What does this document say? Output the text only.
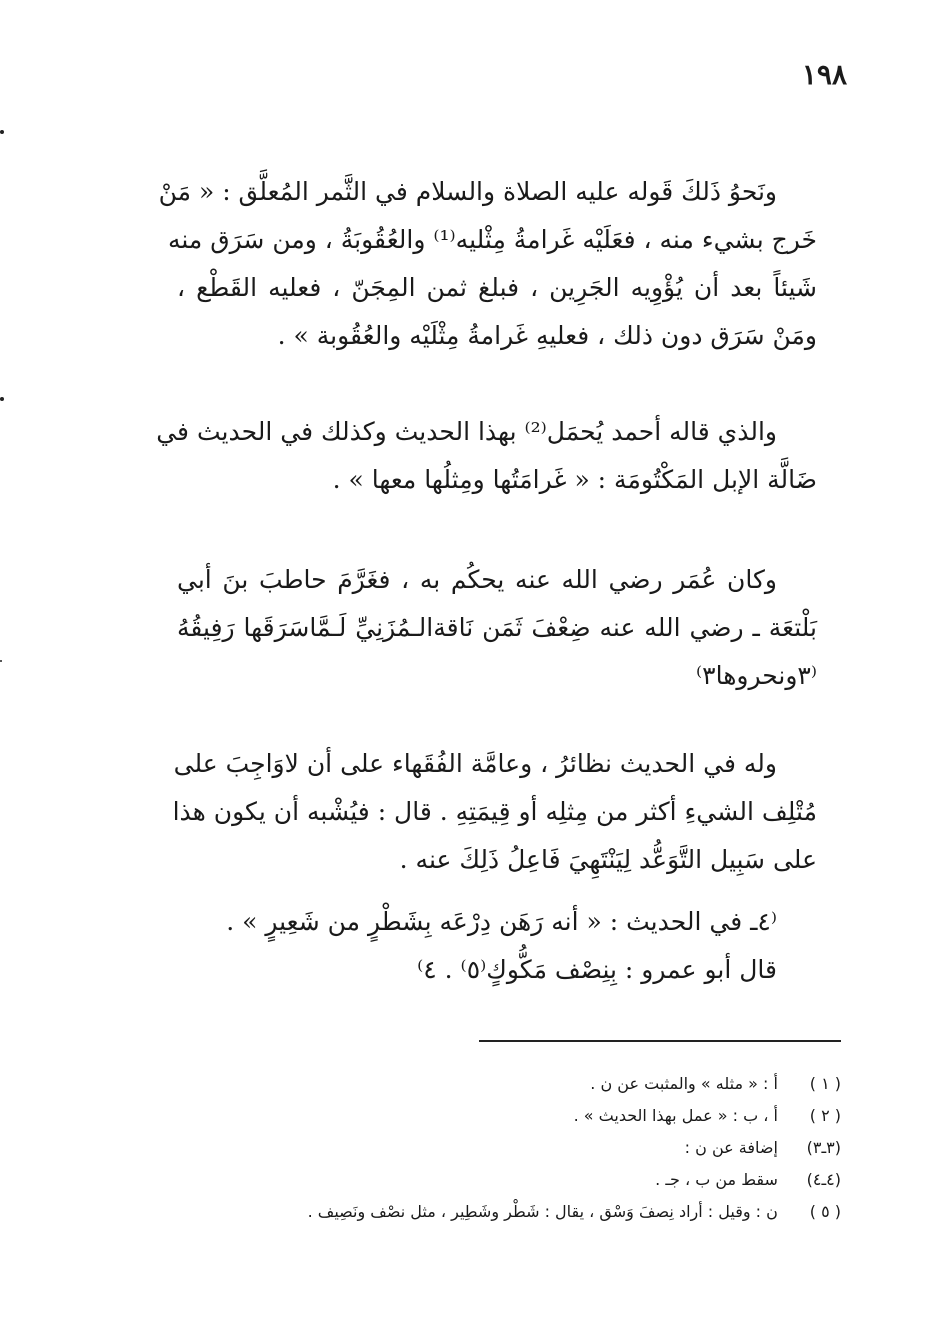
١٩٨

ونَحوُ ذَلكَ قَوله عليه الصلاة والسلام في الثَّمر المُعلَّق : « مَنْ
خَرج بشيء منه ، فعَلَيْه غَرامةُ مِثْليه⁽¹⁾ والعُقُوبَةُ ، ومن سَرَق منه
شَيئاً بعد أن يُؤْوِيه الجَرِين ، فبلغ ثمن المِجَنّ ، فعليه القَطْع ،
ومَنْ سَرَق دون ذلك ، فعليهِ غَرامةُ مِثْلَيْه والعُقُوبة » .

والذي قاله أحمد يُحمَل⁽²⁾ بهذا الحديث وكذلك في الحديث في
ضَالَّة الإبل المَكْتُومَة : « غَرامَتُها ومِثلُها معها » .

وكان عُمَر رضي الله عنه يحكُم به ، فغَرَّمَ حاطبَ بنَ أبي
بَلْتعَة ـ رضي الله عنه ضِعْفَ ثَمَن نَاقةالـمُزَنِيِّ لَـمَّاسَرَقَها رَفِيقُهُ
⁽٣ونحروها٣⁾

وله في الحديث نظائرُ ، وعامَّة الفُقَهاء على أن لاوَاجِبَ على
مُتْلِف الشيءِ أكثر من مِثلِه أو قِيمَتِهِ . قال : فيُشْبه أن يكون هذا
على سَبِيل التَّوَعُّد لِيَنْتَهِيَ فَاعِلُ ذَلِكَ عنه .

⁽٤ـ في الحديث : « أنه رَهَن دِرْعَه بِشَطْرٍ من شَعِيرٍ » .
قال أبو عمرو : بِنِصْف مَكُّوكٍ⁽٥⁾ . ٤⁾

( ١ ) أ : « مثله » والمثبت عن ن .
( ٢ ) أ ، ب : « عمل بهذا الحديث » .
(٣ـ٣) إضافة عن ن :
(٤ـ٤) سقط من ب ، جـ .
( ٥ ) ن : وقيل : أراد نِصفَ وَسْق ، يقال : شَطْر وشَطِير ، مثل نصْف ونَصِيف .
